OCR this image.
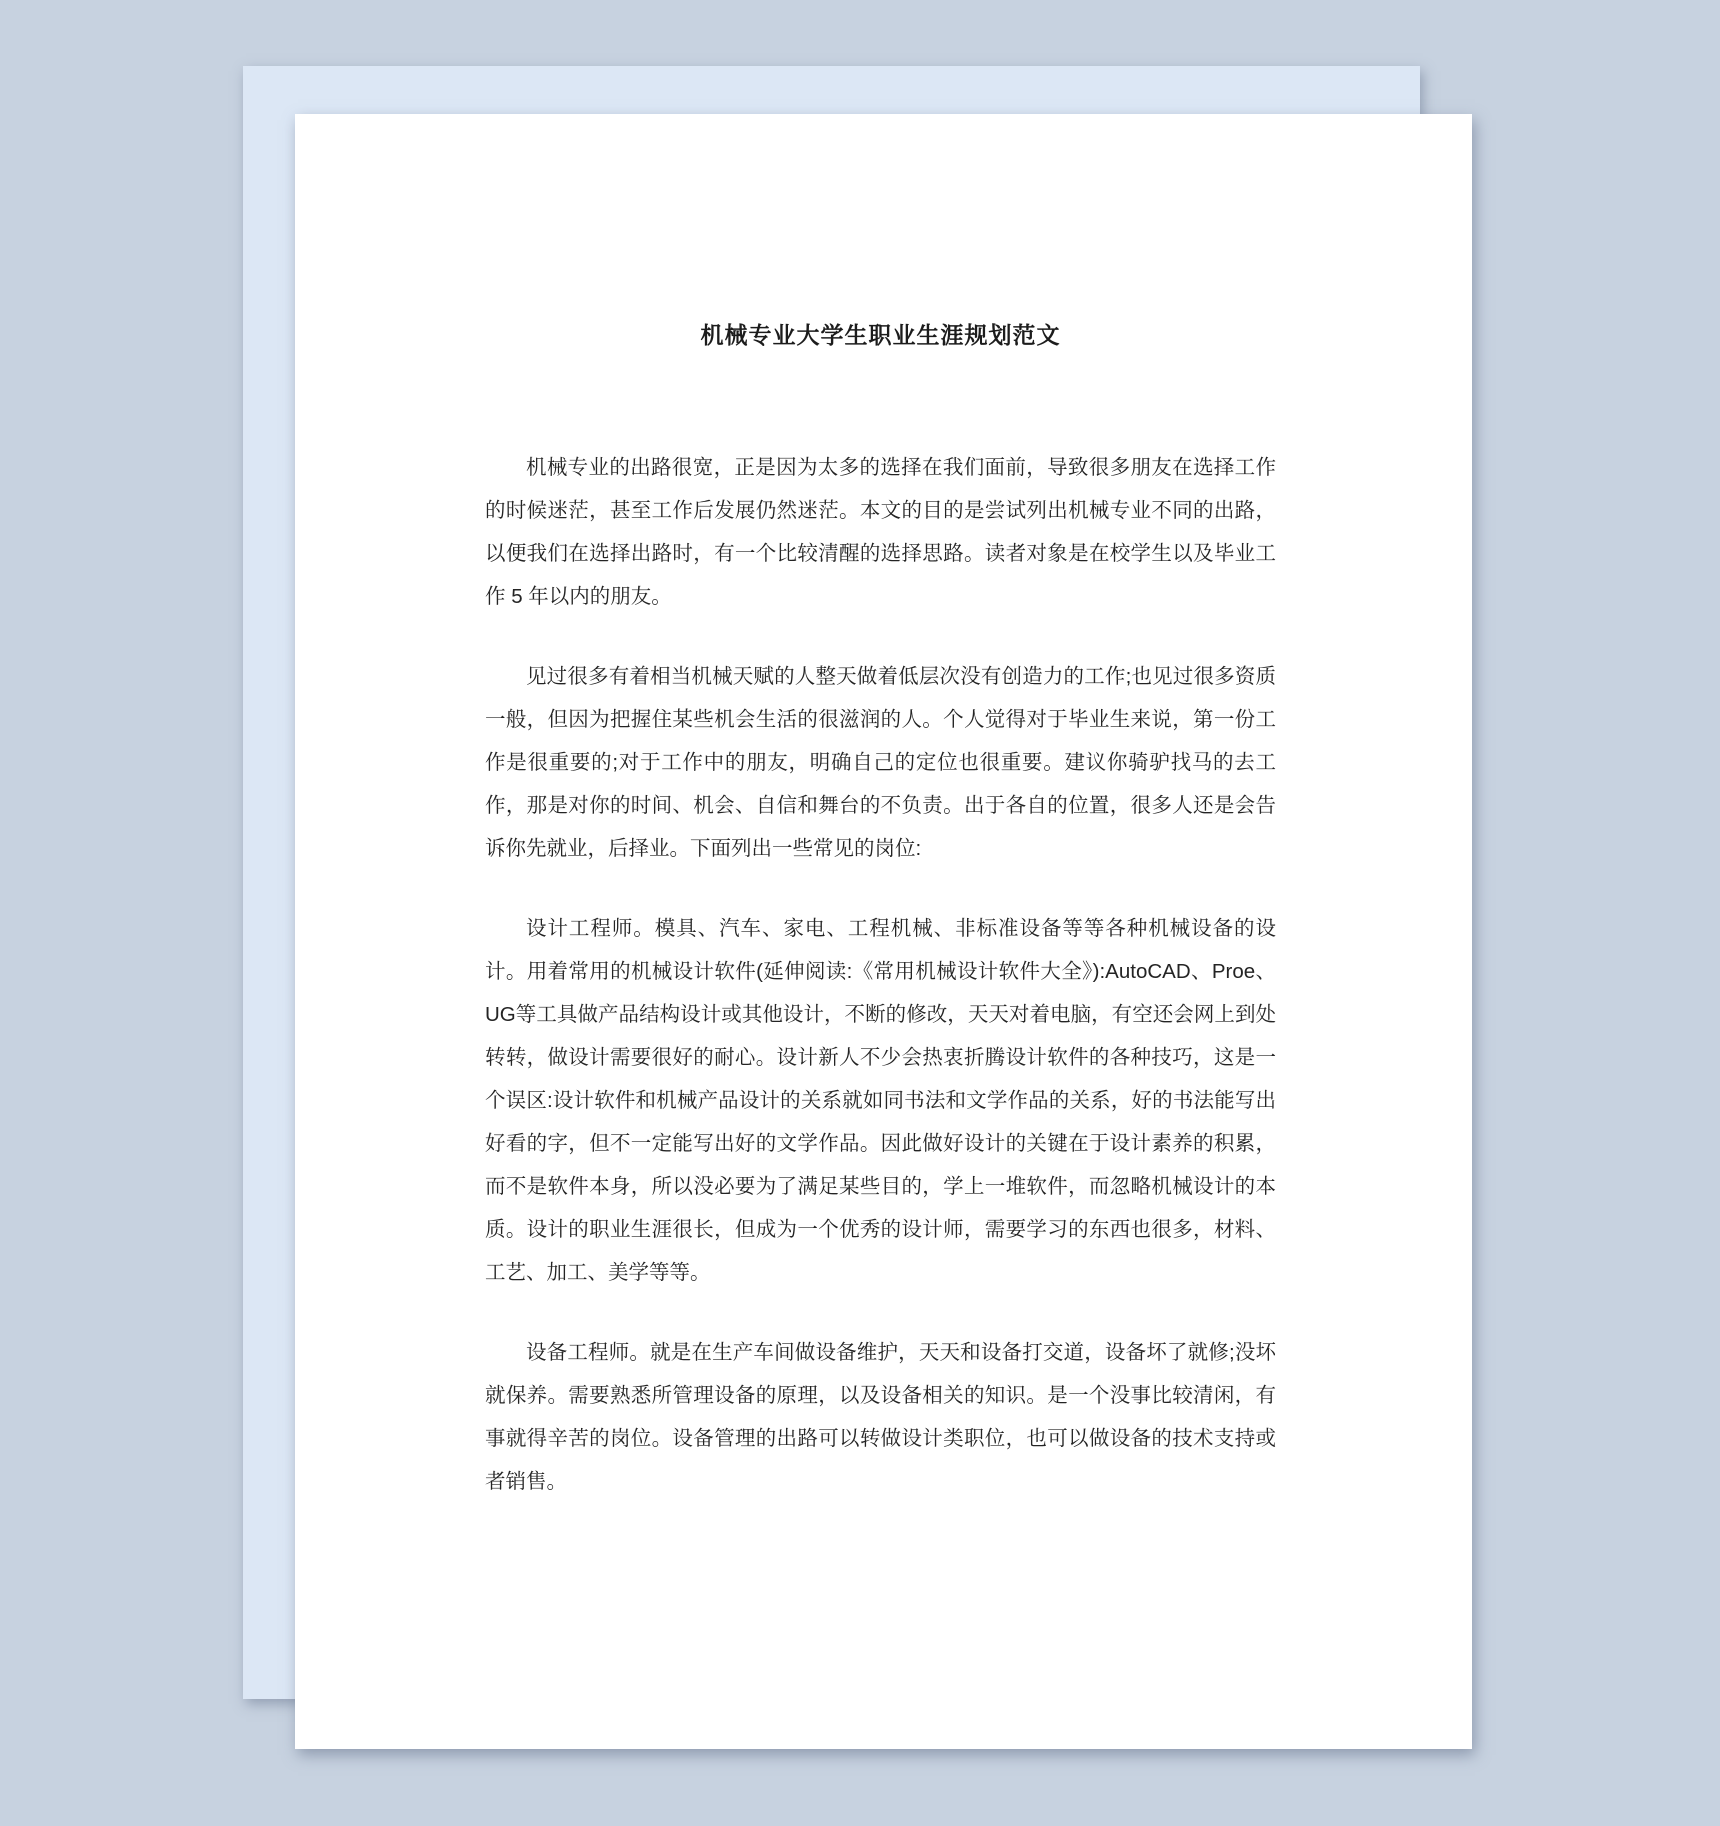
机械专业大学生职业生涯规划范文

机械专业的出路很宽，正是因为太多的选择在我们面前，导致很多朋友在选择工作的时候迷茫，甚至工作后发展仍然迷茫。本文的目的是尝试列出机械专业不同的出路，以便我们在选择出路时，有一个比较清醒的选择思路。读者对象是在校学生以及毕业工作 5 年以内的朋友。

见过很多有着相当机械天赋的人整天做着低层次没有创造力的工作;也见过很多资质一般，但因为把握住某些机会生活的很滋润的人。个人觉得对于毕业生来说，第一份工作是很重要的;对于工作中的朋友，明确自己的定位也很重要。建议你骑驴找马的去工作，那是对你的时间、机会、自信和舞台的不负责。出于各自的位置，很多人还是会告诉你先就业，后择业。下面列出一些常见的岗位:

设计工程师。模具、汽车、家电、工程机械、非标准设备等等各种机械设备的设计。用着常用的机械设计软件(延伸阅读:《常用机械设计软件大全》):AutoCAD、Proe、UG等工具做产品结构设计或其他设计，不断的修改，天天对着电脑，有空还会网上到处转转，做设计需要很好的耐心。设计新人不少会热衷折腾设计软件的各种技巧，这是一个误区:设计软件和机械产品设计的关系就如同书法和文学作品的关系，好的书法能写出好看的字，但不一定能写出好的文学作品。因此做好设计的关键在于设计素养的积累，而不是软件本身，所以没必要为了满足某些目的，学上一堆软件，而忽略机械设计的本质。设计的职业生涯很长，但成为一个优秀的设计师，需要学习的东西也很多，材料、工艺、加工、美学等等。

设备工程师。就是在生产车间做设备维护，天天和设备打交道，设备坏了就修;没坏就保养。需要熟悉所管理设备的原理，以及设备相关的知识。是一个没事比较清闲，有事就得辛苦的岗位。设备管理的出路可以转做设计类职位，也可以做设备的技术支持或者销售。
